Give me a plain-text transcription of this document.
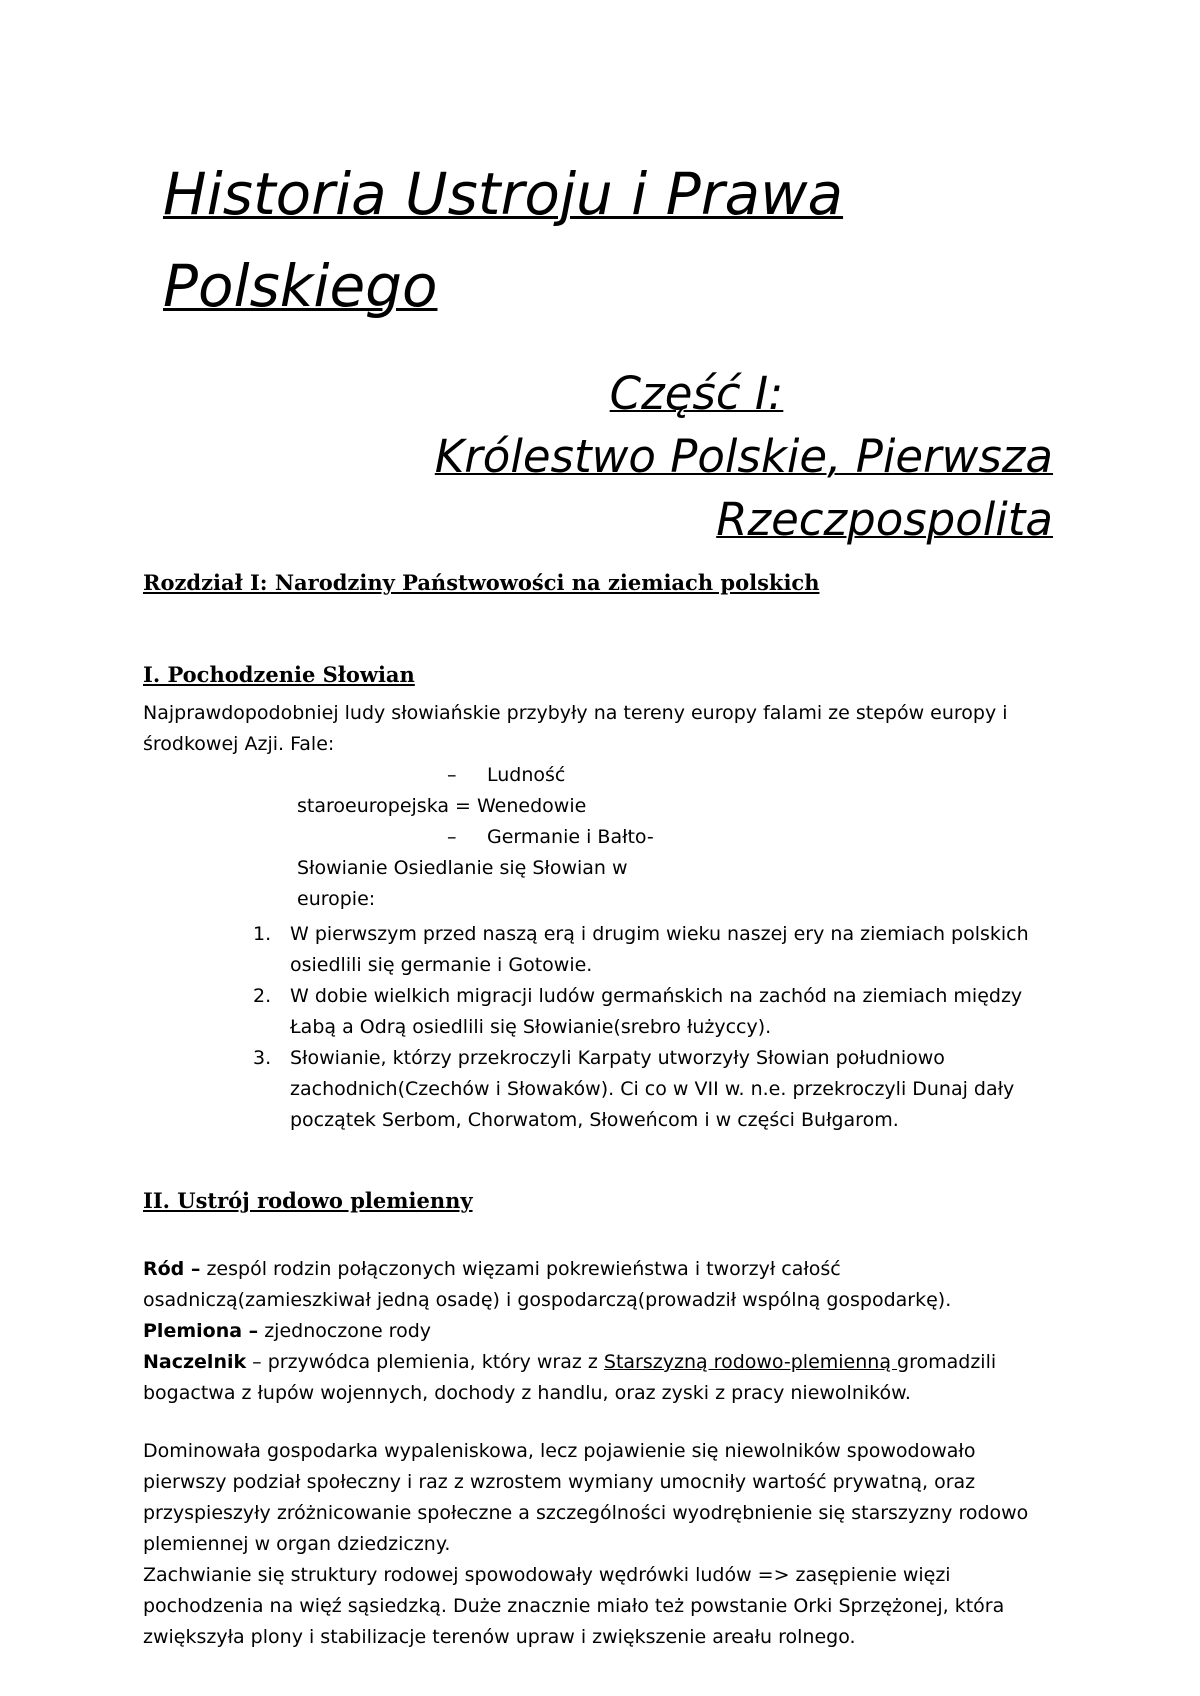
Historia Ustroju i Prawa
Polskiego
Część I:
Królestwo Polskie, Pierwsza
Rzeczpospolita
Rozdział I: Narodziny Państwowości na ziemiach polskich
I. Pochodzenie Słowian
Najprawdopodobniej ludy słowiańskie przybyły na tereny europy falami ze stepów europy i
środkowej Azji. Fale:
– Ludność
staroeuropejska = Wenedowie
– Germanie i Bałto-
Słowianie Osiedlanie się Słowian w
europie:
1. W pierwszym przed naszą erą i drugim wieku naszej ery na ziemiach polskich
osiedlili się germanie i Gotowie.
2. W dobie wielkich migracji ludów germańskich na zachód na ziemiach między
Łabą a Odrą osiedlili się Słowianie(srebro łużyccy).
3. Słowianie, którzy przekroczyli Karpaty utworzyły Słowian południowo
zachodnich(Czechów i Słowaków). Ci co w VII w. n.e. przekroczyli Dunaj dały
początek Serbom, Chorwatom, Słoweńcom i w części Bułgarom.
II. Ustrój rodowo plemienny
Ród – zespól rodzin połączonych więzami pokrewieństwa i tworzył całość
osadniczą(zamieszkiwał jedną osadę) i gospodarczą(prowadził wspólną gospodarkę).
Plemiona – zjednoczone rody
Naczelnik – przywódca plemienia, który wraz z Starszyzną rodowo-plemienną gromadzili
bogactwa z łupów wojennych, dochody z handlu, oraz zyski z pracy niewolników.
Dominowała gospodarka wypaleniskowa, lecz pojawienie się niewolników spowodowało
pierwszy podział społeczny i raz z wzrostem wymiany umocniły wartość prywatną, oraz
przyspieszyły zróżnicowanie społeczne a szczególności wyodrębnienie się starszyzny rodowo
plemiennej w organ dziedziczny.
Zachwianie się struktury rodowej spowodowały wędrówki ludów => zasępienie więzi
pochodzenia na więź sąsiedzką. Duże znacznie miało też powstanie Orki Sprzężonej, która
zwiększyła plony i stabilizacje terenów upraw i zwiększenie areału rolnego.
